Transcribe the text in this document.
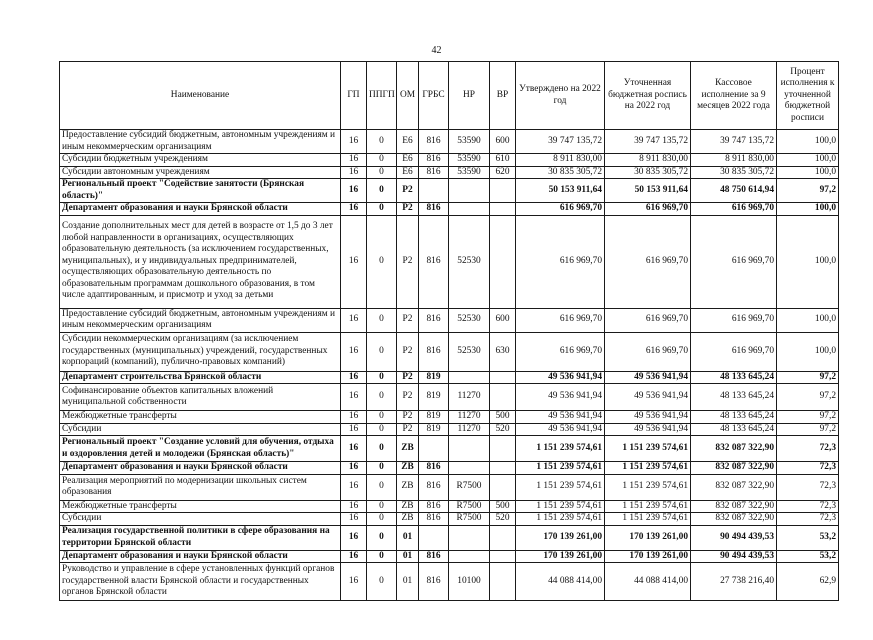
42
Наименование	ГП	ППГП	ОМ	ГРБС	НР	ВР	Утверждено на 2022 год	Уточненная бюджетная роспись на 2022 год	Кассовое исполнение за 9 месяцев 2022 года	Процент исполнения к уточненной бюджетной росписи
Предоставление субсидий бюджетным, автономным учреждениям и иным некоммерческим организациям	16	0	Е6	816	53590	600	39 747 135,72	39 747 135,72	39 747 135,72	100,0
Субсидии бюджетным учреждениям	16	0	Е6	816	53590	610	8 911 830,00	8 911 830,00	8 911 830,00	100,0
Субсидии автономным учреждениям	16	0	Е6	816	53590	620	30 835 305,72	30 835 305,72	30 835 305,72	100,0
Региональный проект "Содействие занятости (Брянская область)"	16	0	Р2				50 153 911,64	50 153 911,64	48 750 614,94	97,2
Департамент образования и науки Брянской области	16	0	Р2	816			616 969,70	616 969,70	616 969,70	100,0
Создание дополнительных мест для детей в возрасте от 1,5 до 3 лет любой направленности в организациях, осуществляющих образовательную деятельность (за исключением государственных, муниципальных), и у индивидуальных предпринимателей, осуществляющих образовательную деятельность по образовательным программам дошкольного образования, в том числе адаптированным, и присмотр и уход за детьми	16	0	Р2	816	52530		616 969,70	616 969,70	616 969,70	100,0
Предоставление субсидий бюджетным, автономным учреждениям и иным некоммерческим организациям	16	0	Р2	816	52530	600	616 969,70	616 969,70	616 969,70	100,0
Субсидии некоммерческим организациям (за исключением государственных (муниципальных) учреждений, государственных корпораций (компаний), публично-правовых компаний)	16	0	Р2	816	52530	630	616 969,70	616 969,70	616 969,70	100,0
Департамент строительства Брянской области	16	0	Р2	819			49 536 941,94	49 536 941,94	48 133 645,24	97,2
Софинансирование объектов капитальных вложений муниципальной собственности	16	0	Р2	819	11270		49 536 941,94	49 536 941,94	48 133 645,24	97,2
Межбюджетные трансферты	16	0	Р2	819	11270	500	49 536 941,94	49 536 941,94	48 133 645,24	97,2
Субсидии	16	0	Р2	819	11270	520	49 536 941,94	49 536 941,94	48 133 645,24	97,2
Региональный проект "Создание условий для обучения, отдыха и оздоровления детей и молодежи (Брянская область)"	16	0	ZB				1 151 239 574,61	1 151 239 574,61	832 087 322,90	72,3
Департамент образования и науки Брянской области	16	0	ZB	816			1 151 239 574,61	1 151 239 574,61	832 087 322,90	72,3
Реализация мероприятий по модернизации школьных систем образования	16	0	ZB	816	R7500		1 151 239 574,61	1 151 239 574,61	832 087 322,90	72,3
Межбюджетные трансферты	16	0	ZB	816	R7500	500	1 151 239 574,61	1 151 239 574,61	832 087 322,90	72,3
Субсидии	16	0	ZB	816	R7500	520	1 151 239 574,61	1 151 239 574,61	832 087 322,90	72,3
Реализация государственной политики в сфере образования на территории Брянской области	16	0	01				170 139 261,00	170 139 261,00	90 494 439,53	53,2
Департамент образования и науки Брянской области	16	0	01	816			170 139 261,00	170 139 261,00	90 494 439,53	53,2
Руководство и управление в сфере установленных функций органов государственной власти Брянской области и государственных органов Брянской области	16	0	01	816	10100		44 088 414,00	44 088 414,00	27 738 216,40	62,9
